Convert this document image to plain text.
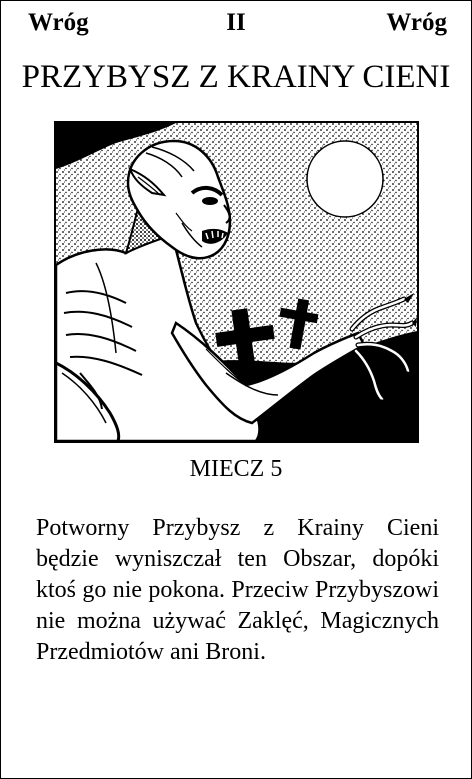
II
Wróg	Wróg
PRZYBYSZ Z KRAINY CIENI
MIECZ 5
Potworny Przybysz z Krainy Cieni będzie wyniszczał ten Obszar, dopóki ktoś go nie pokona. Przeciw Przybyszowi nie można używać Zaklęć, Magicznych Przedmiotów ani Broni.
